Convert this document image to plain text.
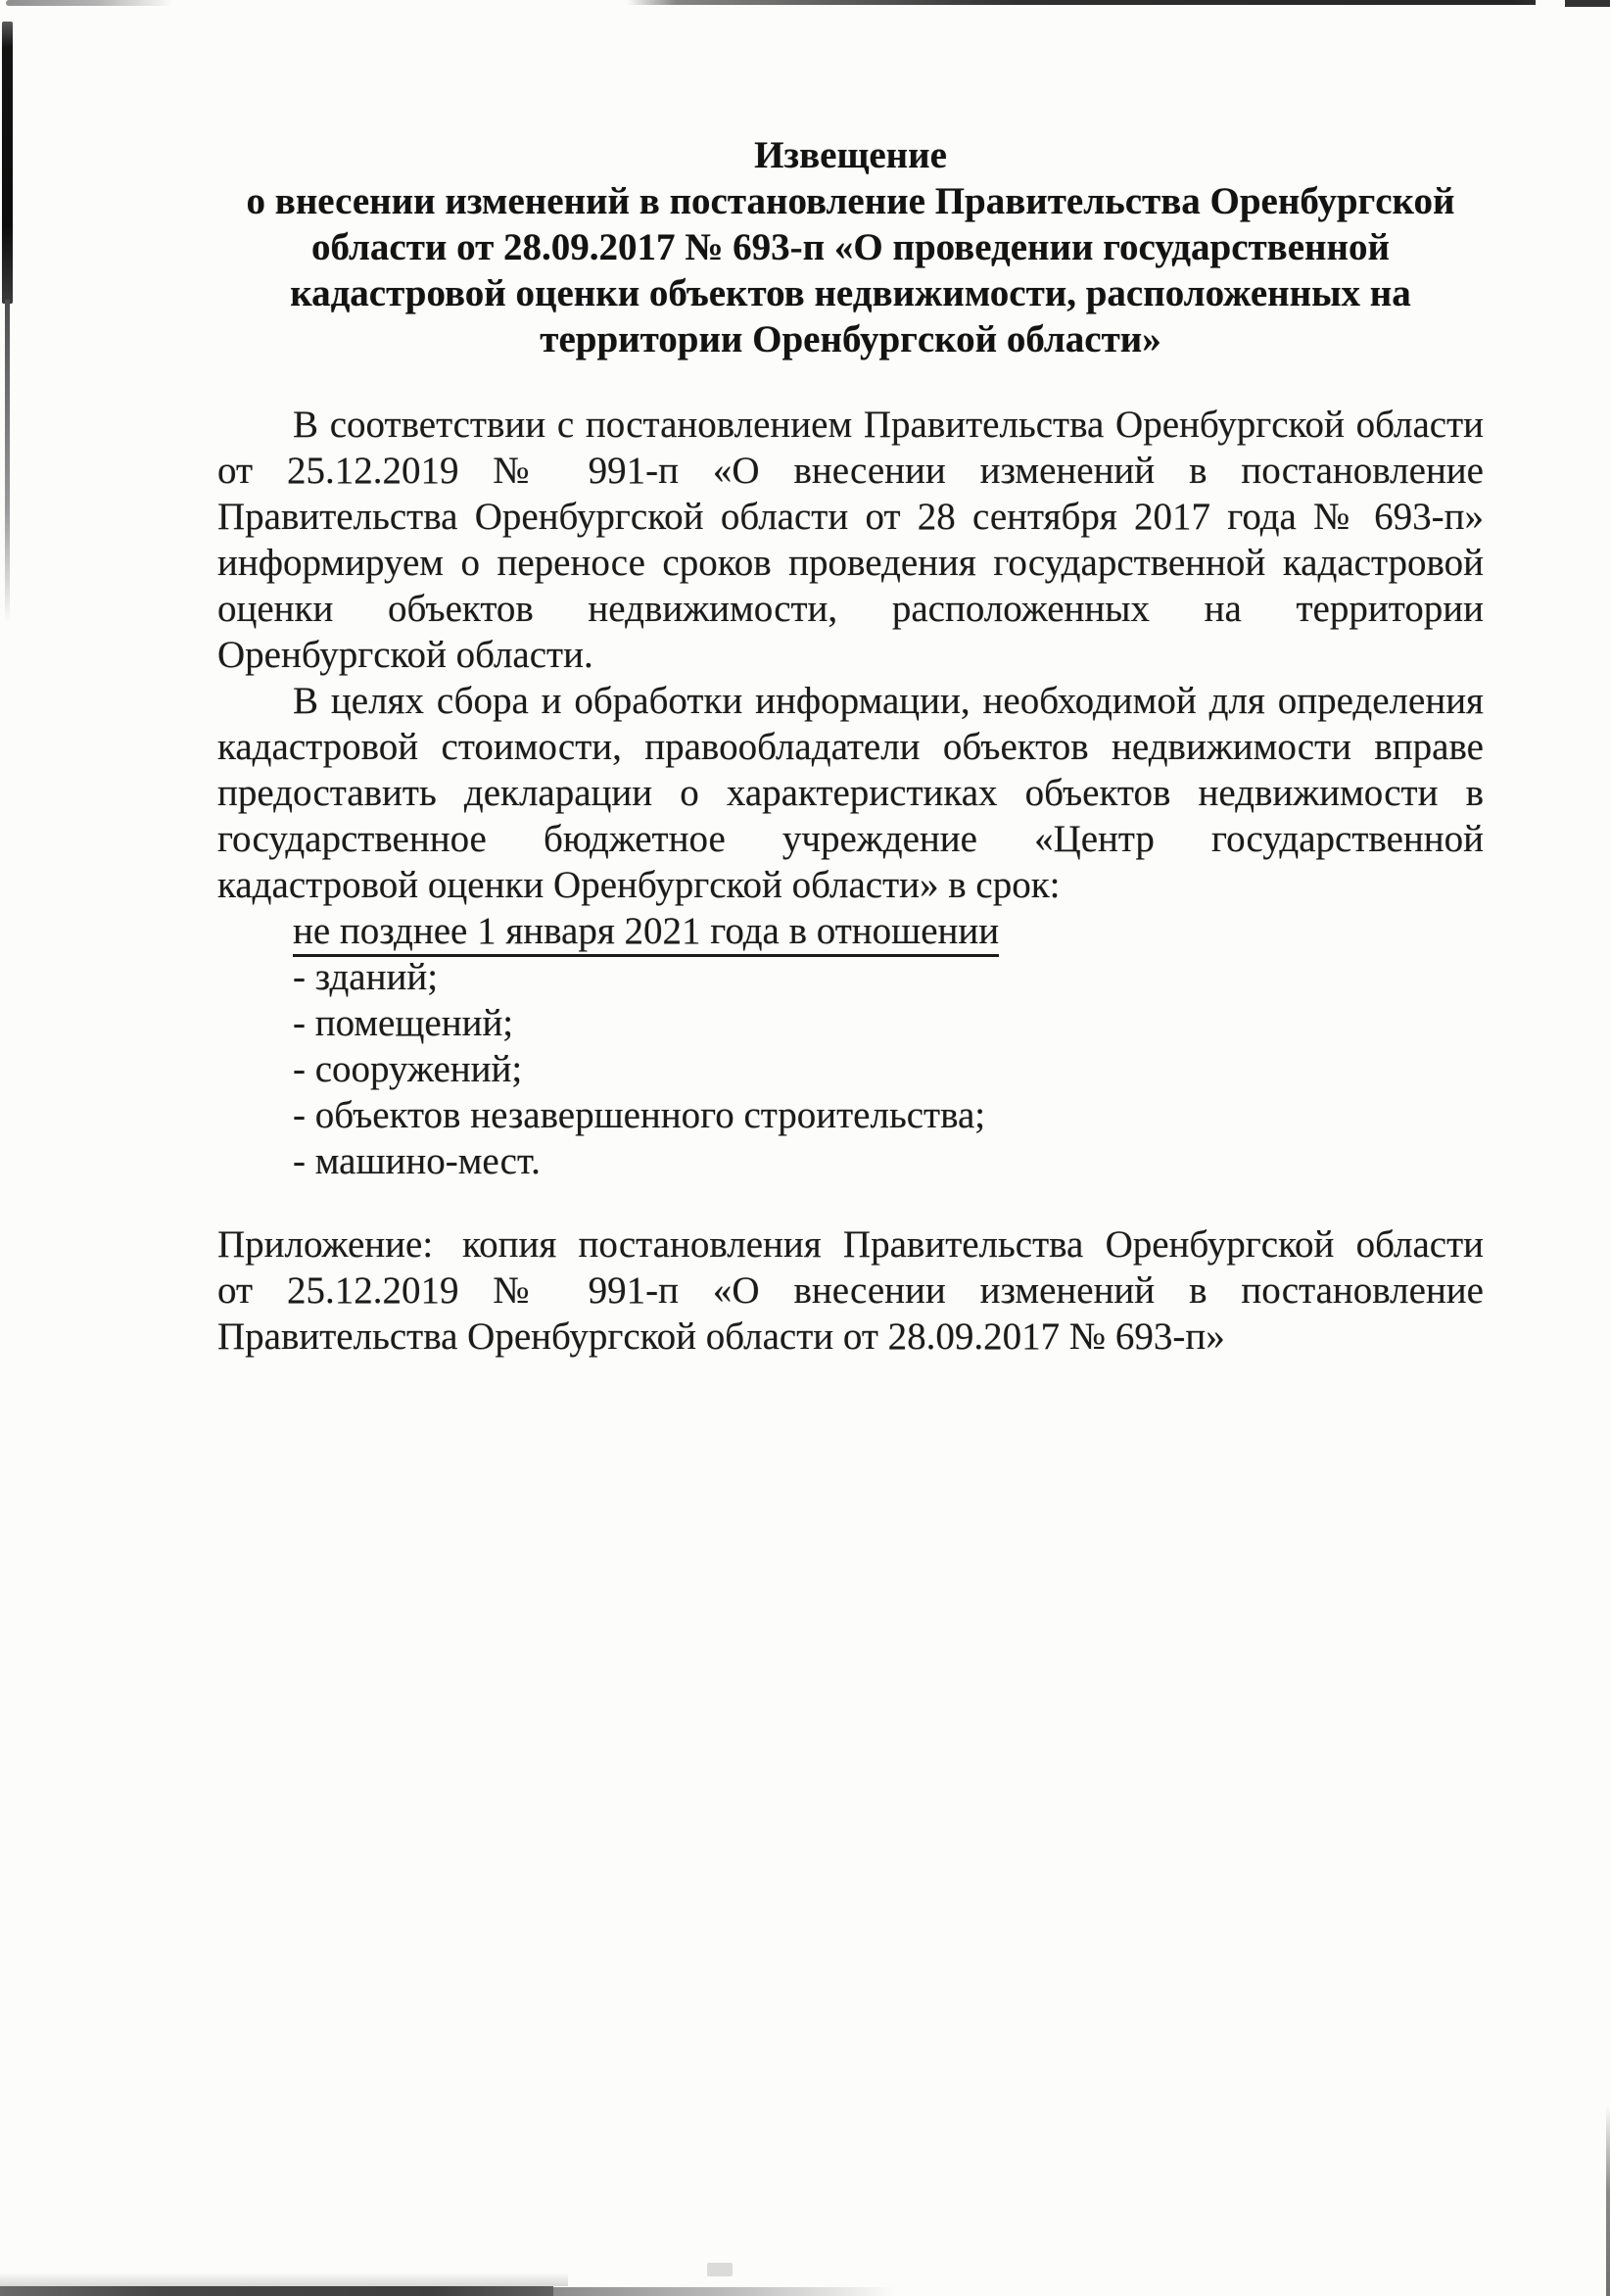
Извещение
о внесении изменений в постановление Правительства Оренбургской
области от 28.09.2017 № 693-п «О проведении государственной
кадастровой оценки объектов недвижимости, расположенных на
территории Оренбургской области»
В соответствии с постановлением Правительства Оренбургской области
от 25.12.2019 № 991-п «О внесении изменений в постановление
Правительства Оренбургской области от 28 сентября 2017 года № 693-п»
информируем о переносе сроков проведения государственной кадастровой
оценки объектов недвижимости, расположенных на территории
Оренбургской области.
В целях сбора и обработки информации, необходимой для определения
кадастровой стоимости, правообладатели объектов недвижимости вправе
предоставить декларации о характеристиках объектов недвижимости в
государственное бюджетное учреждение «Центр государственной
кадастровой оценки Оренбургской области» в срок:
не позднее 1 января 2021 года в отношении
- зданий;
- помещений;
- сооружений;
- объектов незавершенного строительства;
- машино-мест.
Приложение: копия постановления Правительства Оренбургской области
от 25.12.2019 № 991-п «О внесении изменений в постановление
Правительства Оренбургской области от 28.09.2017 № 693-п»
